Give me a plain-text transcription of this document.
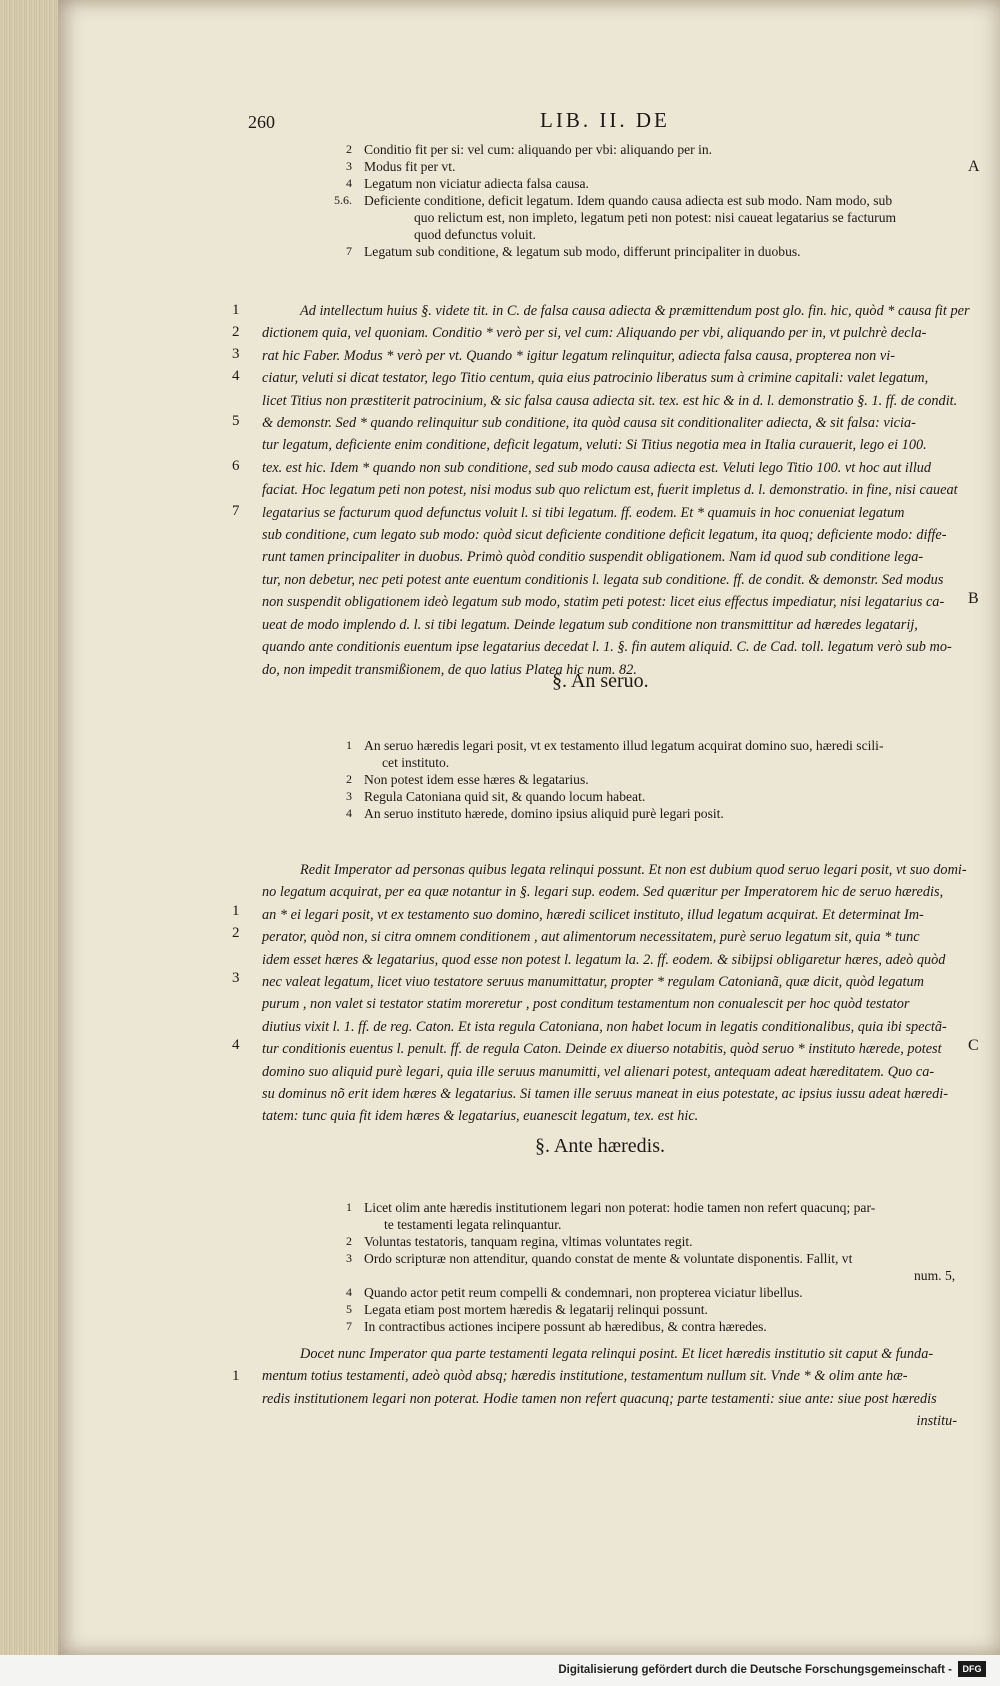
260	LIB. II. DE
A
B
C
2 Conditio fit per si: vel cum: aliquando per vbi: aliquando per in.
3 Modus fit per vt.
4 Legatum non viciatur adiecta falsa causa.
5.6. Deficiente conditione, deficit legatum. Idem quando causa adiecta est sub modo. Nam modo, sub
quo relictum est, non impleto, legatum peti non potest: nisi caueat legatarius se facturum
quod defunctus voluit.
7 Legatum sub conditione, & legatum sub modo, differunt principaliter in duobus.
1
2
3
4
5
6
7
Ad intellectum huius §. videte tit. in C. de falsa causa adiecta & præmittendum post glo. fin. hic, quòd * causa fit per
dictionem quia, vel quoniam. Conditio * verò per si, vel cum: Aliquando per vbi, aliquando per in, vt pulchrè decla-
rat hic Faber. Modus * verò per vt. Quando * igitur legatum relinquitur, adiecta falsa causa, propterea non vi-
ciatur, veluti si dicat testator, lego Titio centum, quia eius patrocinio liberatus sum à crimine capitali: valet legatum,
licet Titius non præstiterit patrocinium, & sic falsa causa adiecta sit. tex. est hic & in d. l. demonstratio §. 1. ff. de condit.
& demonstr. Sed * quando relinquitur sub conditione, ita quòd causa sit conditionaliter adiecta, & sit falsa: vicia-
tur legatum, deficiente enim conditione, deficit legatum, veluti: Si Titius negotia mea in Italia curauerit, lego ei 100.
tex. est hic. Idem * quando non sub conditione, sed sub modo causa adiecta est. Veluti lego Titio 100. vt hoc aut illud
faciat. Hoc legatum peti non potest, nisi modus sub quo relictum est, fuerit impletus d. l. demonstratio. in fine, nisi caueat
legatarius se facturum quod defunctus voluit l. si tibi legatum. ff. eodem. Et * quamuis in hoc conueniat legatum
sub conditione, cum legato sub modo: quòd sicut deficiente conditione deficit legatum, ita quoq; deficiente modo: diffe-
runt tamen principaliter in duobus. Primò quòd conditio suspendit obligationem. Nam id quod sub conditione lega-
tur, non debetur, nec peti potest ante euentum conditionis l. legata sub conditione. ff. de condit. & demonstr. Sed modus
non suspendit obligationem ideò legatum sub modo, statim peti potest: licet eius effectus impediatur, nisi legatarius ca-
ueat de modo implendo d. l. si tibi legatum. Deinde legatum sub conditione non transmittitur ad hæredes legatarij,
quando ante conditionis euentum ipse legatarius decedat l. 1. §. fin autem aliquid. C. de Cad. toll. legatum verò sub mo-
do, non impedit transmißionem, de quo latius Platea hic num. 82.
§. An seruo.
1 An seruo hæredis legari posit, vt ex testamento illud legatum acquirat domino suo, hæredi scili-
cet instituto.
2 Non potest idem esse hæres & legatarius.
3 Regula Catoniana quid sit, & quando locum habeat.
4 An seruo instituto hærede, domino ipsius aliquid purè legari posit.
1
2
3
4
Redit Imperator ad personas quibus legata relinqui possunt. Et non est dubium quod seruo legari posit, vt suo domi-
no legatum acquirat, per ea quæ notantur in §. legari sup. eodem. Sed quæritur per Imperatorem hic de seruo hæredis,
an * ei legari posit, vt ex testamento suo domino, hæredi scilicet instituto, illud legatum acquirat. Et determinat Im-
perator, quòd non, si citra omnem conditionem , aut alimentorum necessitatem, purè seruo legatum sit, quia * tunc
idem esset hæres & legatarius, quod esse non potest l. legatum la. 2. ff. eodem. & sibijpsi obligaretur hæres, adeò quòd
nec valeat legatum, licet viuo testatore seruus manumittatur, propter * regulam Catonianã, quæ dicit, quòd legatum
purum , non valet si testator statim moreretur , post conditum testamentum non conualescit per hoc quòd testator
diutius vixit l. 1. ff. de reg. Caton. Et ista regula Catoniana, non habet locum in legatis conditionalibus, quia ibi spectã-
tur conditionis euentus l. penult. ff. de regula Caton. Deinde ex diuerso notabitis, quòd seruo * instituto hærede, potest
domino suo aliquid purè legari, quia ille seruus manumitti, vel alienari potest, antequam adeat hæreditatem. Quo ca-
su dominus nõ erit idem hæres & legatarius. Si tamen ille seruus maneat in eius potestate, ac ipsius iussu adeat hæredi-
tatem: tunc quia fit idem hæres & legatarius, euanescit legatum, tex. est hic.
§. Ante hæredis.
1 Licet olim ante hæredis institutionem legari non poterat: hodie tamen non refert quacunq; par-
te testamenti legata relinquantur.
2 Voluntas testatoris, tanquam regina, vltimas voluntates regit.
3 Ordo scripturæ non attenditur, quando constat de mente & voluntate disponentis. Fallit, vt
num. 5,
4 Quando actor petit reum compelli & condemnari, non propterea viciatur libellus.
5 Legata etiam post mortem hæredis & legatarij relinqui possunt.
7 In contractibus actiones incipere possunt ab hæredibus, & contra hæredes.
1
Docet nunc Imperator qua parte testamenti legata relinqui posint. Et licet hæredis institutio sit caput & funda-
mentum totius testamenti, adeò quòd absq; hæredis institutione, testamentum nullum sit. Vnde * & olim ante hæ-
redis institutionem legari non poterat. Hodie tamen non refert quacunq; parte testamenti: siue ante: siue post hæredis
institu-
Digitalisierung gefördert durch die Deutsche Forschungsgemeinschaft -	DFG
